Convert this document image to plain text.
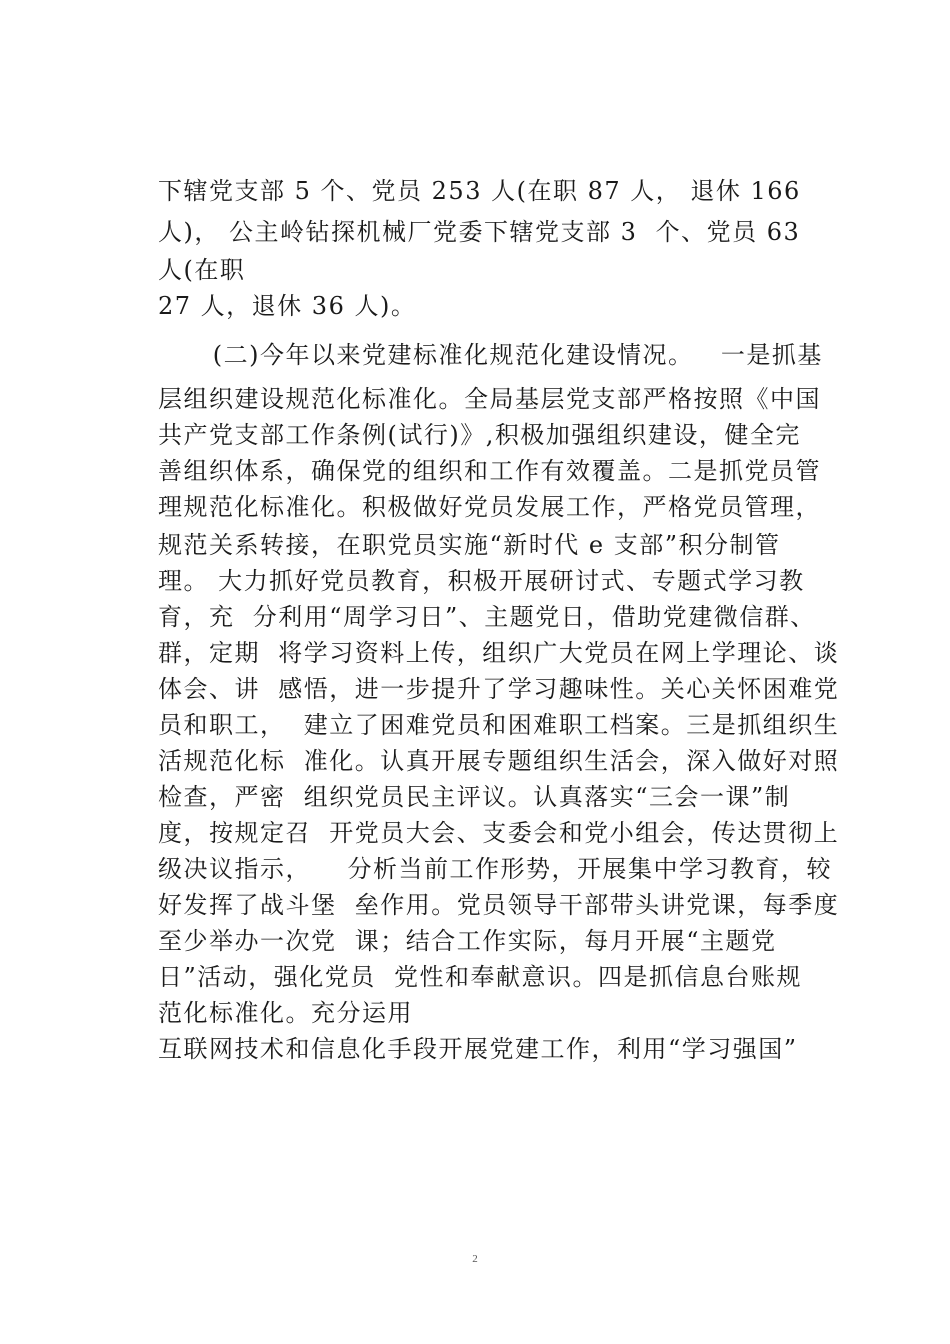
下辖党支部 5 个、党员 253 人(在职 87 人， 退休 166
人)， 公主岭钻探机械厂党委下辖党支部 3  个、党员 63
人(在职
27 人，退休 36 人)。
(二)今年以来党建标准化规范化建设情况。   一是抓基
层组织建设规范化标准化。全局基层党支部严格按照《中国
共产党支部工作条例(试行)》,积极加强组织建设，健全完
善组织体系，确保党的组织和工作有效覆盖。二是抓党员管
理规范化标准化。积极做好党员发展工作，严格党员管理，
规范关系转接，在职党员实施“新时代 e 支部”积分制管
理。 大力抓好党员教育，积极开展研讨式、专题式学习教
育，充  分利用“周学习日”、主题党日，借助党建微信群、
群，定期  将学习资料上传，组织广大党员在网上学理论、谈
体会、讲  感悟，进一步提升了学习趣味性。关心关怀困难党
员和职工，  建立了困难党员和困难职工档案。三是抓组织生
活规范化标  准化。认真开展专题组织生活会，深入做好对照
检查，严密  组织党员民主评议。认真落实“三会一课”制
度，按规定召  开党员大会、支委会和党小组会，传达贯彻上
级决议指示，    分析当前工作形势，开展集中学习教育，较
好发挥了战斗堡  垒作用。党员领导干部带头讲党课，每季度
至少举办一次党  课；结合工作实际，每月开展“主题党
日”活动，强化党员  党性和奉献意识。四是抓信息台账规
范化标准化。充分运用
互联网技术和信息化手段开展党建工作，利用“学习强国”
2
